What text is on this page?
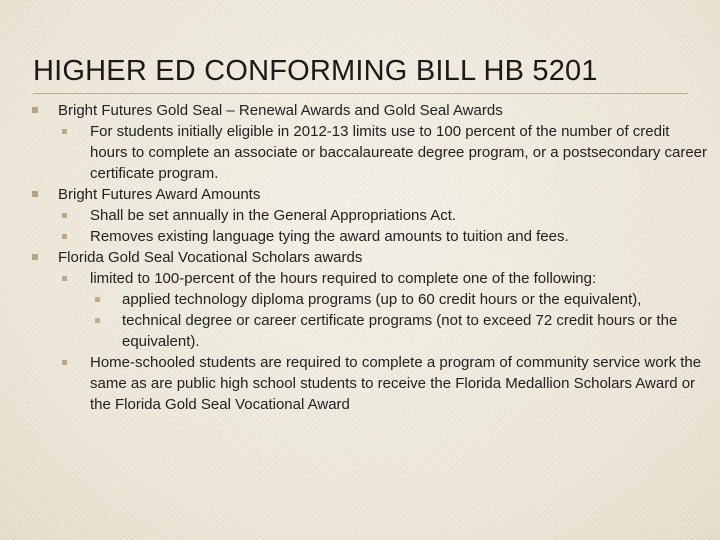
HIGHER ED CONFORMING BILL HB 5201
Bright Futures Gold Seal – Renewal Awards and Gold Seal Awards
For students initially eligible in 2012-13 limits use to 100 percent of the number of credit hours to complete an associate or baccalaureate degree program, or a postsecondary career certificate program.
Bright Futures Award Amounts
Shall be set annually in the General Appropriations Act.
Removes existing language tying the award amounts to tuition and fees.
Florida Gold Seal Vocational Scholars awards
limited to 100-percent of the hours required to complete one of the following:
applied technology diploma programs (up to 60 credit hours or the equivalent),
technical degree or career certificate programs (not to exceed 72 credit hours or the equivalent).
Home-schooled students are required to complete a program of community service work the same as are public high school students to receive the Florida Medallion Scholars Award or the Florida Gold Seal Vocational Award
